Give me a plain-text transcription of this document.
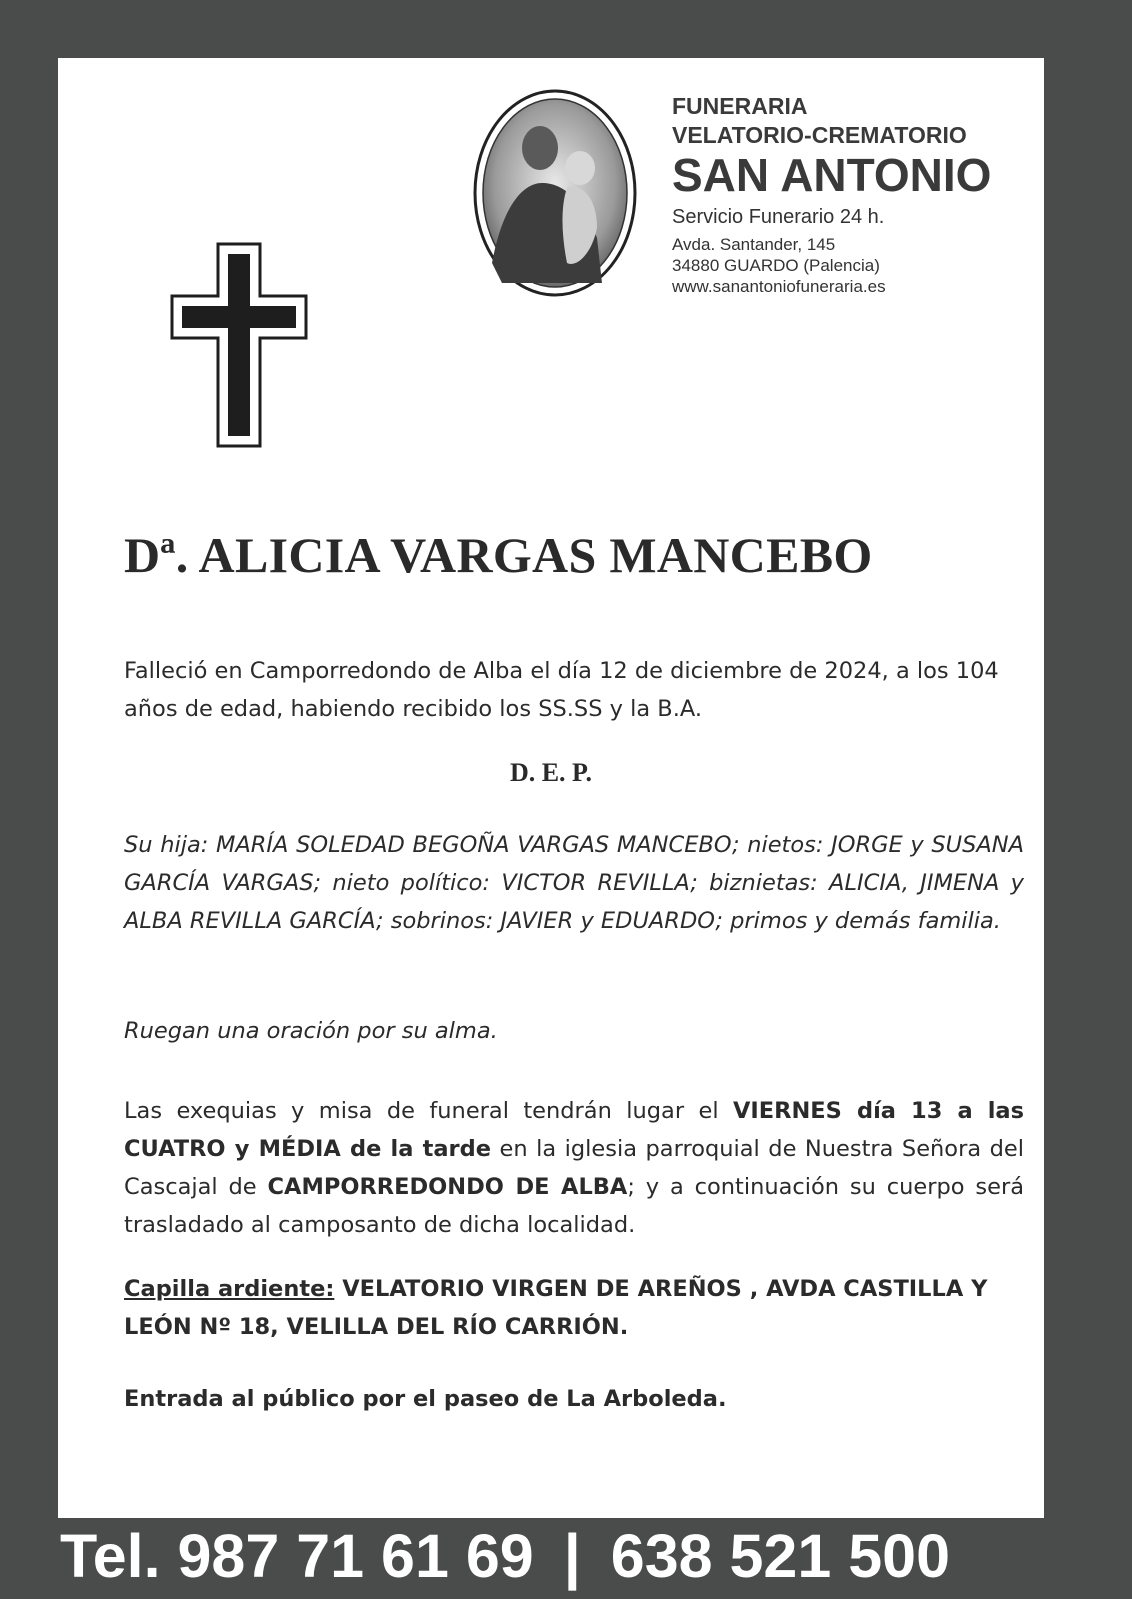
FUNERARIA
VELATORIO-CREMATORIO
SAN ANTONIO
Servicio Funerario 24 h.
Avda. Santander, 145
34880 GUARDO (Palencia)
www.sanantoniofuneraria.es
Dª. ALICIA VARGAS MANCEBO
Falleció en Camporredondo de Alba el día 12 de diciembre de 2024, a los 104 años de edad, habiendo recibido los SS.SS y la B.A.
D. E. P.
Su hija: MARÍA SOLEDAD BEGOÑA VARGAS MANCEBO; nietos: JORGE y SUSANA GARCÍA VARGAS; nieto político: VICTOR REVILLA; biznietas: ALICIA, JIMENA y ALBA REVILLA GARCÍA; sobrinos: JAVIER y EDUARDO; primos y demás familia.
Ruegan una oración por su alma.
Las exequias y misa de funeral tendrán lugar el VIERNES día 13 a las CUATRO y MÉDIA de la tarde en la iglesia parroquial de Nuestra Señora del Cascajal de CAMPORREDONDO DE ALBA; y a continuación su cuerpo será trasladado al camposanto de dicha localidad.
Capilla ardiente: VELATORIO VIRGEN DE AREÑOS , AVDA CASTILLA Y LEÓN Nº 18, VELILLA DEL RÍO CARRIÓN.
Entrada al público por el paseo de La Arboleda.
Tel. 987 71 61 69 | 638 521 500
